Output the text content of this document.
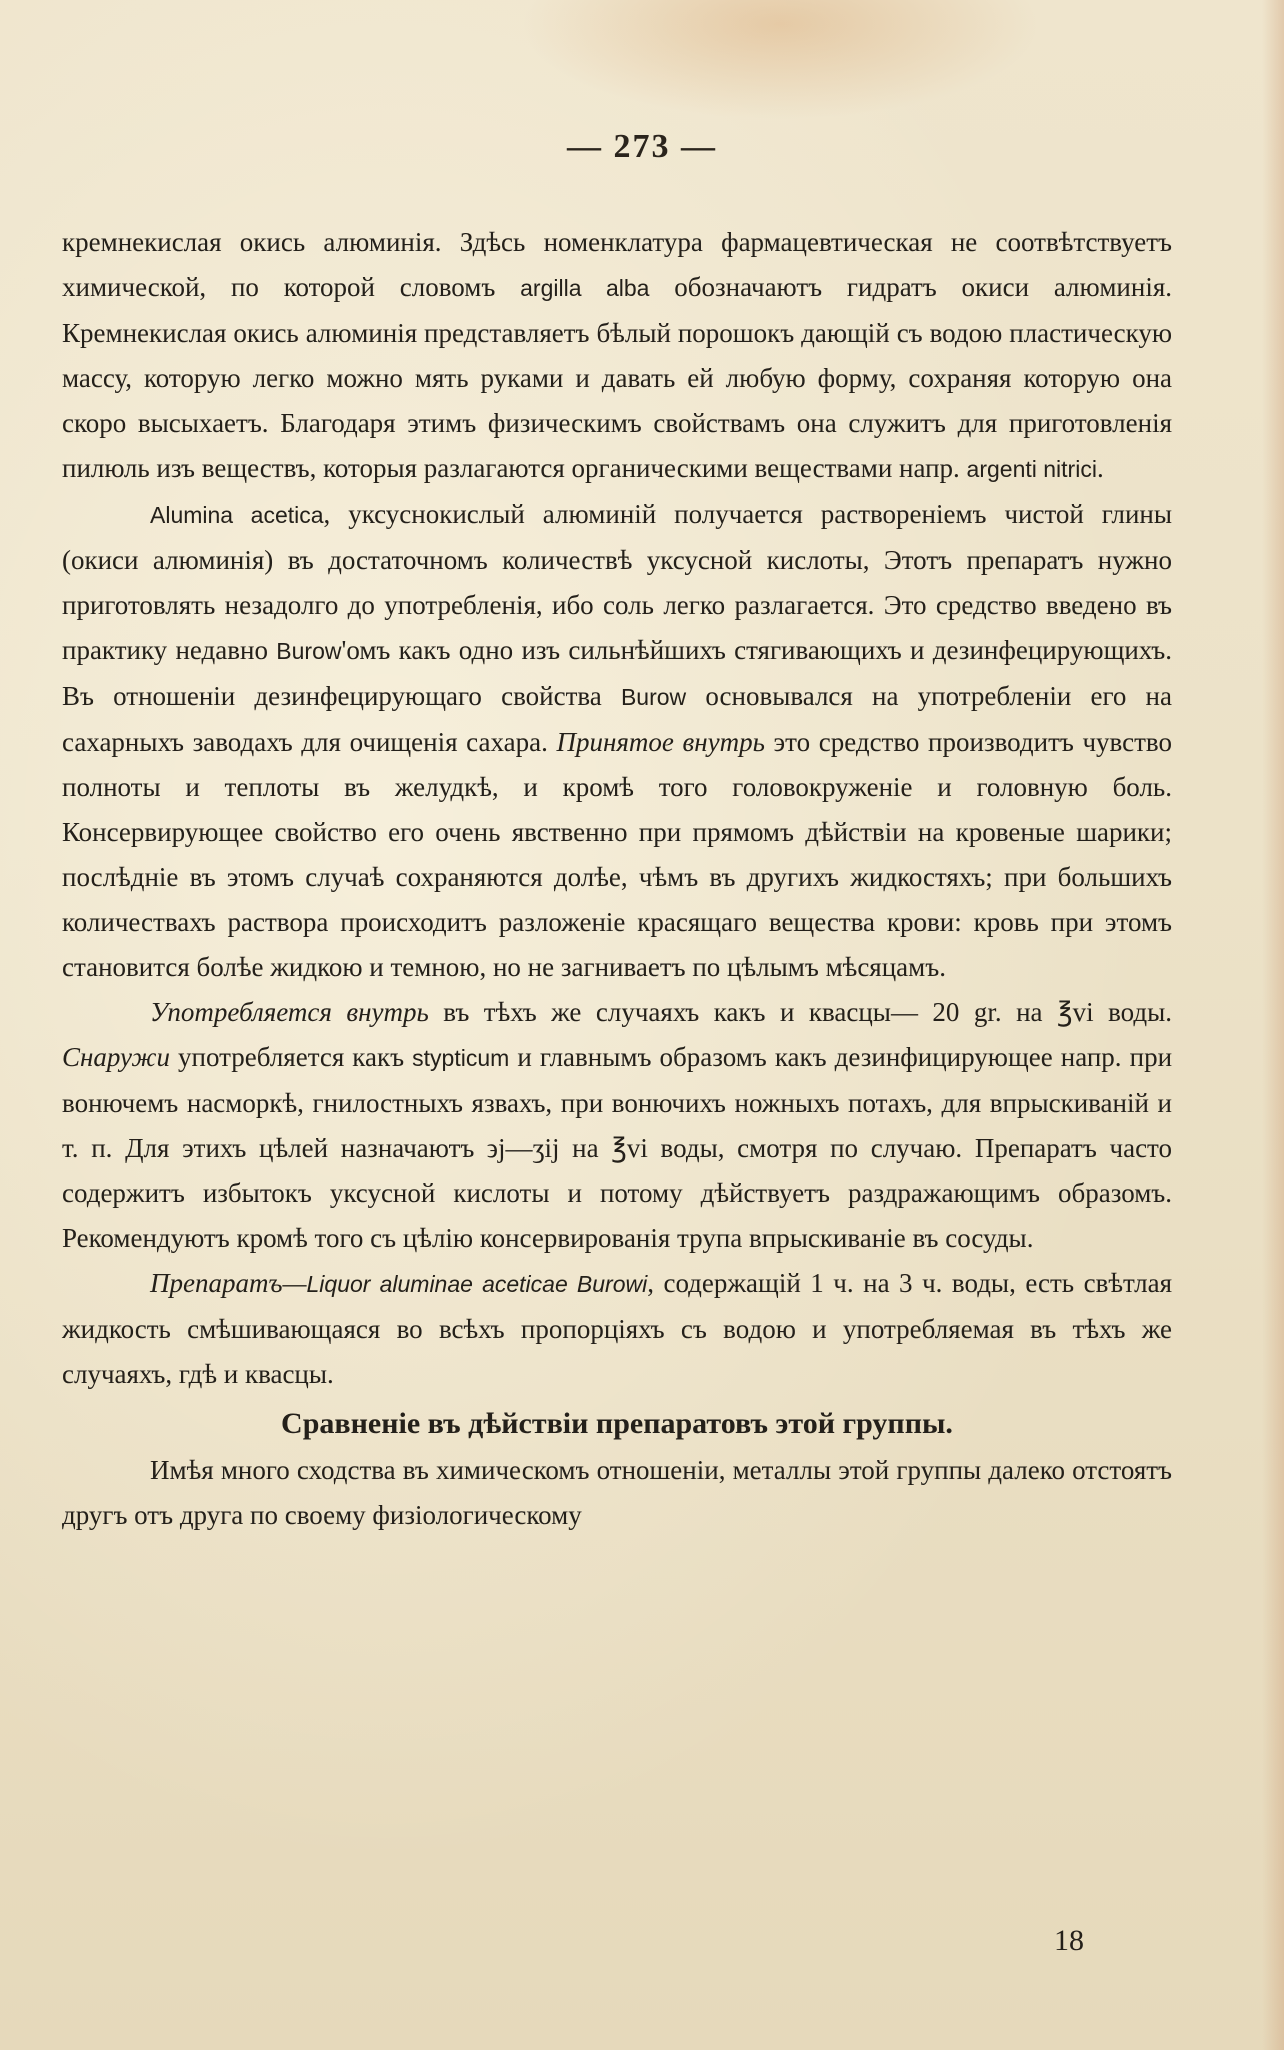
— 273 —

кремнекислая окись алюминія. Здѣсь номенклатура фармацевтическая не соотвѣтствуетъ химической, по которой словомъ argilla alba обозначаютъ гидратъ окиси алюминія. Кремнекислая окись алюминія представляетъ бѣлый порошокъ дающій съ водою пластическую массу, которую легко можно мять руками и давать ей любую форму, сохраняя которую она скоро высыхаетъ. Благодаря этимъ физическимъ свойствамъ она служитъ для приготовленія пилюль изъ веществъ, которыя разлагаются органическими веществами напр. argenti nitrici.

Alumina acetica, уксуснокислый алюминій получается раствореніемъ чистой глины (окиси алюминія) въ достаточномъ количествѣ уксусной кислоты, Этотъ препаратъ нужно приготовлять незадолго до употребленія, ибо соль легко разлагается. Это средство введено въ практику недавно Burow'омъ какъ одно изъ сильнѣйшихъ стягивающихъ и дезинфецирующихъ. Въ отношеніи дезинфецирующаго свойства Burow основывался на употребленіи его на сахарныхъ заводахъ для очищенія сахара. Принятое внутрь это средство производитъ чувство полноты и теплоты въ желудкѣ, и кромѣ того головокруженіе и головную боль. Консервирующее свойство его очень явственно при прямомъ дѣйствіи на кровеные шарики; послѣдніе въ этомъ случаѣ сохраняются долѣе, чѣмъ въ другихъ жидкостяхъ; при большихъ количествахъ раствора происходитъ разложеніе красящаго вещества крови: кровь при этомъ становится болѣе жидкою и темною, но не загниваетъ по цѣлымъ мѣсяцамъ.

Употребляется внутрь въ тѣхъ же случаяхъ какъ и квасцы— 20 gr. на ℥vi воды. Снаружи употребляется какъ stypticum и главнымъ образомъ какъ дезинфицирующее напр. при вонючемъ насморкѣ, гнилостныхъ язвахъ, при вонючихъ ножныхъ потахъ, для впрыскиваній и т. п. Для этихъ цѣлей назначаютъ ϶j—ʒij на ℥vi воды, смотря по случаю. Препаратъ часто содержитъ избытокъ уксусной кислоты и потому дѣйствуетъ раздражающимъ образомъ. Рекомендуютъ кромѣ того съ цѣлію консервированія трупа впрыскиваніе въ сосуды.

Препаратъ—Liquor aluminae aceticae Burowi, содержащій 1 ч. на 3 ч. воды, есть свѣтлая жидкость смѣшивающаяся во всѣхъ пропорціяхъ съ водою и употребляемая въ тѣхъ же случаяхъ, гдѣ и квасцы.

Сравненіе въ дѣйствіи препаратовъ этой группы.

Имѣя много сходства въ химическомъ отношеніи, металлы этой группы далеко отстоятъ другъ отъ друга по своему физіологическому

18
